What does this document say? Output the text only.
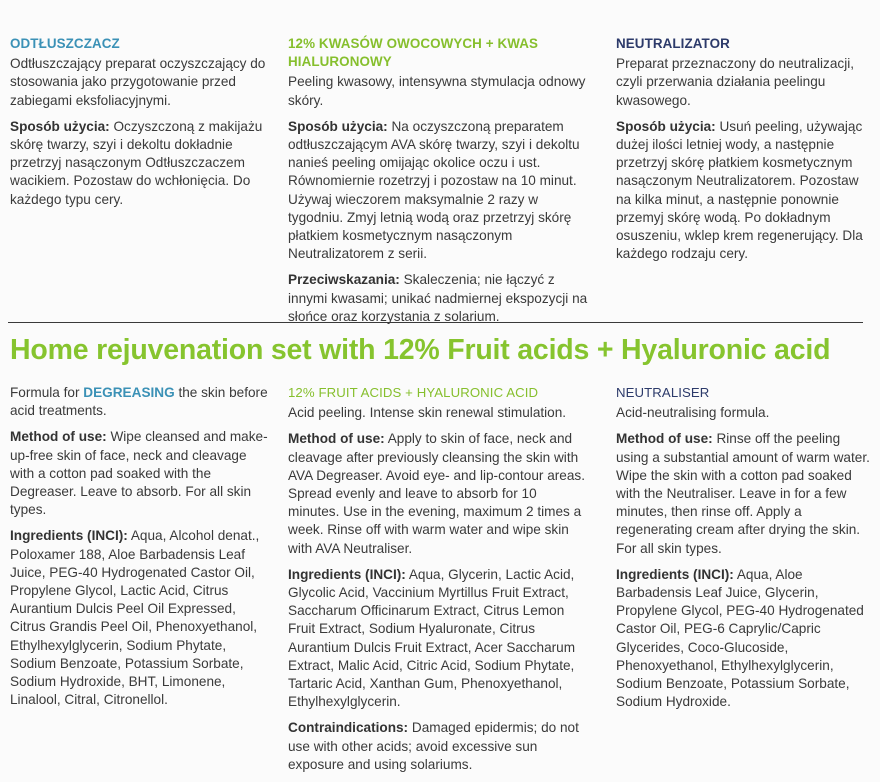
ODTŁUSZCZACZ

Odtłuszczający preparat oczyszczający do stosowania jako przygotowanie przed zabiegami eksfoliacyjnymi.

Sposób użycia: Oczyszczoną z makijażu skórę twarzy, szyi i dekoltu dokładnie przetrzyj nasączonym Odtłuszczaczem wacikiem. Pozostaw do wchłonięcia. Do każdego typu cery.

12% KWASÓW OWOCOWYCH + KWAS HIALURONOWY

Peeling kwasowy, intensywna stymulacja odnowy skóry.

Sposób użycia: Na oczyszczoną preparatem odtłuszczającym AVA skórę twarzy, szyi i dekoltu nanieś peeling omijając okolice oczu i ust. Równomiernie rozetrzyj i pozostaw na 10 minut. Używaj wieczorem maksymalnie 2 razy w tygodniu. Zmyj letnią wodą oraz przetrzyj skórę płatkiem kosmetycznym nasączonym Neutralizatorem z serii.

Przeciwskazania: Skaleczenia; nie łączyć z innymi kwasami; unikać nadmiernej ekspozycji na słońce oraz korzystania z solarium.

NEUTRALIZATOR

Preparat przeznaczony do neutralizacji, czyli przerwania działania peelingu kwasowego.

Sposób użycia: Usuń peeling, używając dużej ilości letniej wody, a następnie przetrzyj skórę płatkiem kosmetycznym nasączonym Neutralizatorem. Pozostaw na kilka minut, a następnie ponownie przemyj skórę wodą. Po dokładnym osuszeniu, wklep krem regenerujący. Dla każdego rodzaju cery.

Home rejuvenation set with 12% Fruit acids + Hyaluronic acid

Formula for DEGREASING the skin before acid treatments.

Method of use: Wipe cleansed and make-up-free skin of face, neck and cleavage with a cotton pad soaked with the Degreaser. Leave to absorb. For all skin types.

Ingredients (INCI): Aqua, Alcohol denat., Poloxamer 188, Aloe Barbadensis Leaf Juice, PEG-40 Hydrogenated Castor Oil, Propylene Glycol, Lactic Acid, Citrus Aurantium Dulcis Peel Oil Expressed, Citrus Grandis Peel Oil, Phenoxyethanol, Ethylhexylglycerin, Sodium Phytate, Sodium Benzoate, Potassium Sorbate, Sodium Hydroxide, BHT, Limonene, Linalool, Citral, Citronellol.

12% FRUIT ACIDS + HYALURONIC ACID

Acid peeling. Intense skin renewal stimulation.

Method of use: Apply to skin of face, neck and cleavage after previously cleansing the skin with AVA Degreaser. Avoid eye- and lip-contour areas. Spread evenly and leave to absorb for 10 minutes. Use in the evening, maximum 2 times a week. Rinse off with warm water and wipe skin with AVA Neutraliser.

Ingredients (INCI): Aqua, Glycerin, Lactic Acid, Glycolic Acid, Vaccinium Myrtillus Fruit Extract, Saccharum Officinarum Extract, Citrus Lemon Fruit Extract, Sodium Hyaluronate, Citrus Aurantium Dulcis Fruit Extract, Acer Saccharum Extract, Malic Acid, Citric Acid, Sodium Phytate, Tartaric Acid, Xanthan Gum, Phenoxyethanol, Ethylhexylglycerin.

Contraindications: Damaged epidermis; do not use with other acids; avoid excessive sun exposure and using solariums.

NEUTRALISER

Acid-neutralising formula.

Method of use: Rinse off the peeling using a substantial amount of warm water. Wipe the skin with a cotton pad soaked with the Neutraliser. Leave in for a few minutes, then rinse off. Apply a regenerating cream after drying the skin. For all skin types.

Ingredients (INCI): Aqua, Aloe Barbadensis Leaf Juice, Glycerin, Propylene Glycol, PEG-40 Hydrogenated Castor Oil, PEG-6 Caprylic/Capric Glycerides, Coco-Glucoside, Phenoxyethanol, Ethylhexylglycerin, Sodium Benzoate, Potassium Sorbate, Sodium Hydroxide.
